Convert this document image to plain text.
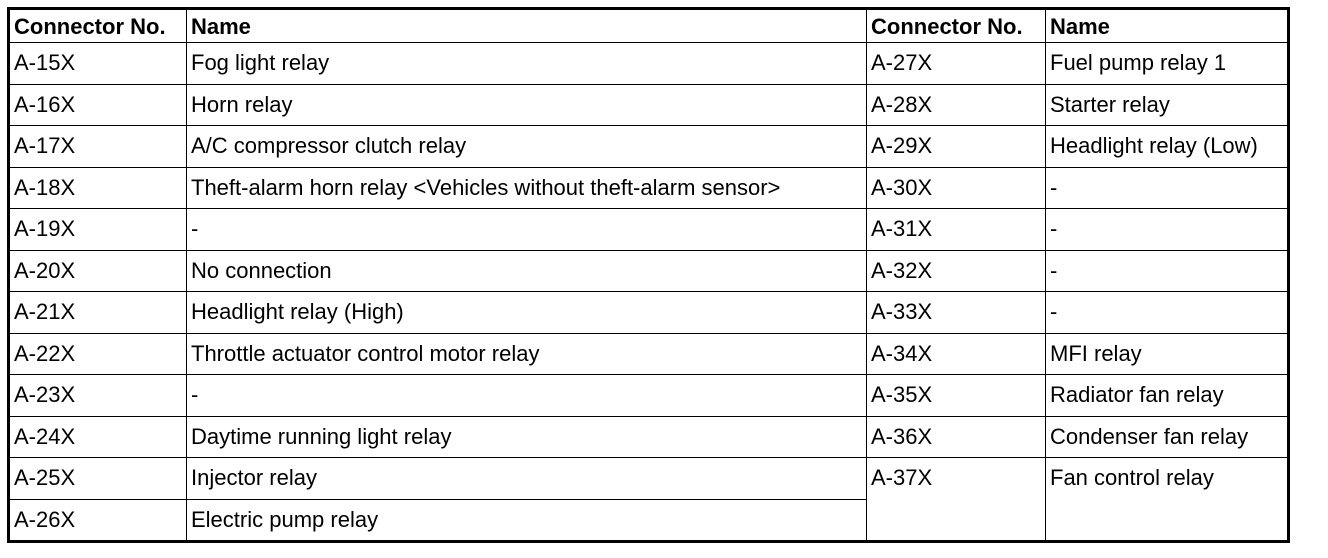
Connector No.	Name	Connector No.	Name
A-15X	Fog light relay	A-27X	Fuel pump relay 1
A-16X	Horn relay	A-28X	Starter relay
A-17X	A/C compressor clutch relay	A-29X	Headlight relay (Low)
A-18X	Theft-alarm horn relay <Vehicles without theft-alarm sensor>	A-30X	-
A-19X	-	A-31X	-
A-20X	No connection	A-32X	-
A-21X	Headlight relay (High)	A-33X	-
A-22X	Throttle actuator control motor relay	A-34X	MFI relay
A-23X	-	A-35X	Radiator fan relay
A-24X	Daytime running light relay	A-36X	Condenser fan relay
A-25X	Injector relay	A-37X	Fan control relay
A-26X	Electric pump relay		
